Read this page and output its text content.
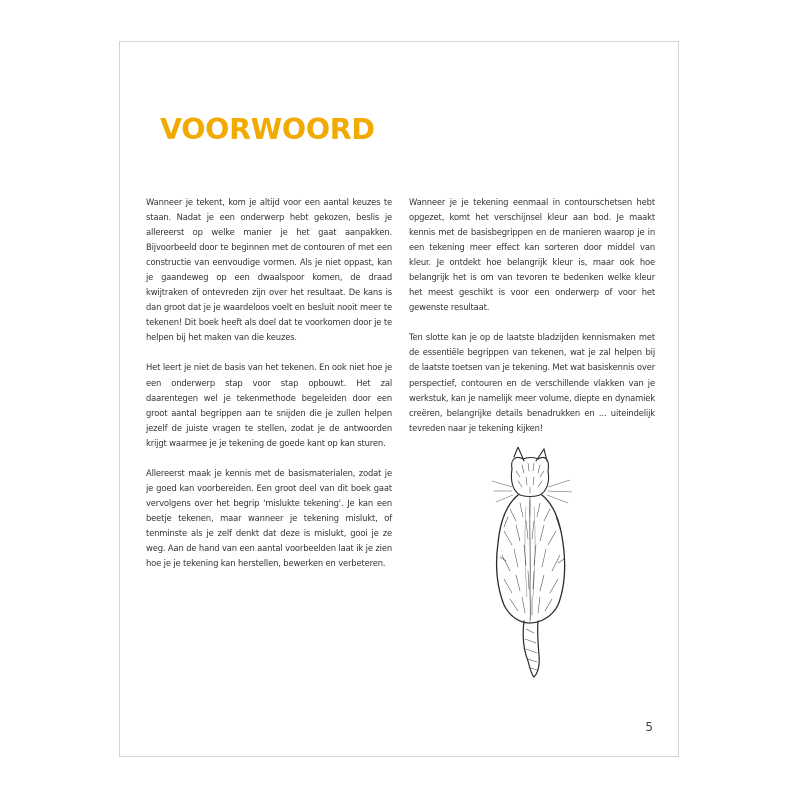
VOORWOORD

Wanneer je tekent, kom je altijd voor een aantal keuzes te staan. Nadat je een onderwerp hebt gekozen, beslis je allereerst op welke manier je het gaat aanpakken. Bijvoorbeeld door te beginnen met de contouren of met een constructie van eenvoudige vormen. Als je niet oppast, kan je gaandeweg op een dwaalspoor komen, de draad kwijtraken of ontevreden zijn over het resultaat. De kans is dan groot dat je je waardeloos voelt en besluit nooit meer te tekenen! Dit boek heeft als doel dat te voorkomen door je te helpen bij het maken van die keuzes.

Het leert je niet de basis van het tekenen. En ook niet hoe je een onderwerp stap voor stap opbouwt. Het zal daarentegen wel je tekenmethode begeleiden door een groot aantal begrippen aan te snijden die je zullen helpen jezelf de juiste vragen te stellen, zodat je de antwoorden krijgt waarmee je je tekening de goede kant op kan sturen.

Allereerst maak je kennis met de basismaterialen, zodat je je goed kan voorbereiden. Een groot deel van dit boek gaat vervolgens over het begrip 'mislukte tekening'. Je kan een beetje tekenen, maar wanneer je tekening mislukt, of tenminste als je zelf denkt dat deze is mislukt, gooi je ze weg. Aan de hand van een aantal voorbeelden laat ik je zien hoe je je tekening kan herstellen, bewerken en verbeteren.

Wanneer je je tekening eenmaal in contourschetsen hebt opgezet, komt het verschijnsel kleur aan bod. Je maakt kennis met de basisbegrippen en de manieren waarop je in een tekening meer effect kan sorteren door middel van kleur. Je ontdekt hoe belangrijk kleur is, maar ook hoe belangrijk het is om van tevoren te bedenken welke kleur het meest geschikt is voor een onderwerp of voor het gewenste resultaat.

Ten slotte kan je op de laatste bladzijden kennismaken met de essentiële begrippen van tekenen, wat je zal helpen bij de laatste toetsen van je tekening. Met wat basiskennis over perspectief, contouren en de verschillende vlakken van je werkstuk, kan je namelijk meer volume, diepte en dynamiek creëren, belangrijke details benadrukken en ... uiteindelijk tevreden naar je tekening kijken!

5
